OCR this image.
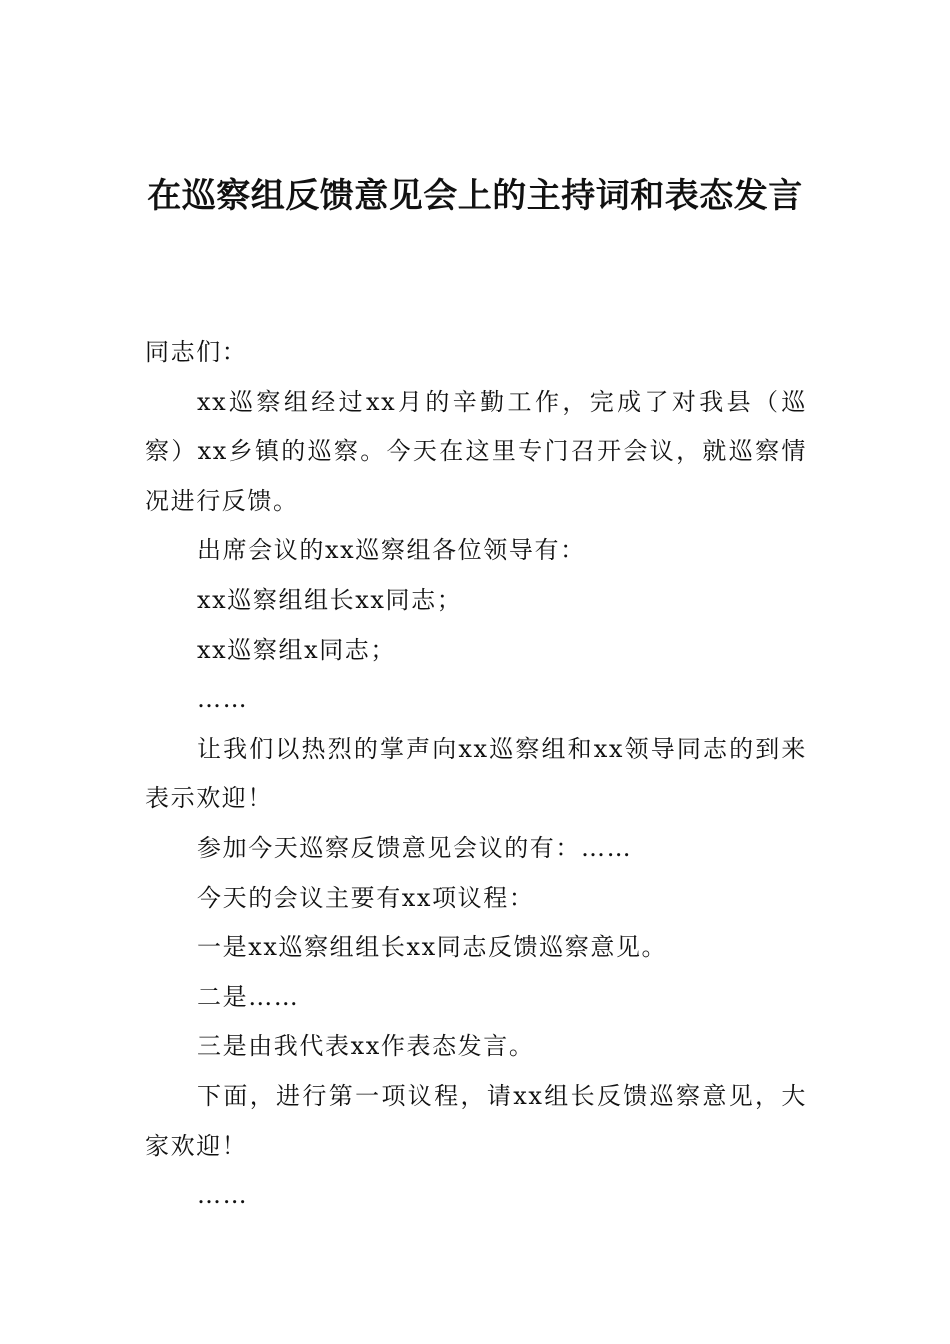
在巡察组反馈意见会上的主持词和表态发言

同志们：

xx巡察组经过xx月的辛勤工作，完成了对我县（巡察）xx乡镇的巡察。今天在这里专门召开会议，就巡察情况进行反馈。

出席会议的xx巡察组各位领导有：

xx巡察组组长xx同志；

xx巡察组x同志；

……

让我们以热烈的掌声向xx巡察组和xx领导同志的到来表示欢迎！

参加今天巡察反馈意见会议的有：……

今天的会议主要有xx项议程：

一是xx巡察组组长xx同志反馈巡察意见。

二是……

三是由我代表xx作表态发言。

下面，进行第一项议程，请xx组长反馈巡察意见，大家欢迎！

……
